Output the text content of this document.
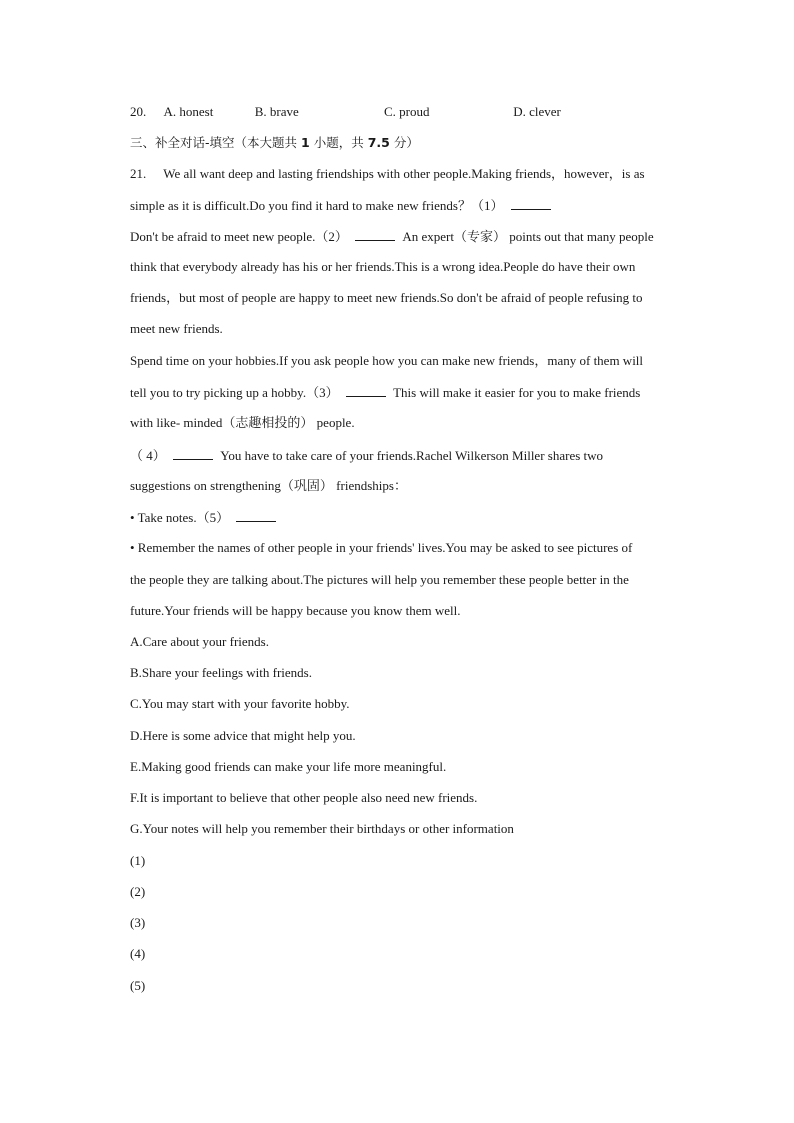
20. A. honest	B. brave	C. proud	D. clever
三、补全对话-填空（本大题共 1 小题，共 7.5 分）
21. We all want deep and lasting friendships with other people.Making friends，however，is as
simple as it is difficult.Do you find it hard to make new friends？（1）
Don't be afraid to meet new people.（2）	An expert（专家） points out that many people
think that everybody already has his or her friends.This is a wrong idea.People do have their own
friends，but most of people are happy to meet new friends.So don't be afraid of people refusing to
meet new friends.
Spend time on your hobbies.If you ask people how you can make new friends，many of them will
tell you to try picking up a hobby.（3）	This will make it easier for you to make friends
with like- minded（志趣相投的） people.
（ 4）	You have to take care of your friends.Rachel Wilkerson Miller shares two
suggestions on strengthening（巩固） friendships：
• Take notes.（5）
• Remember the names of other people in your friends' lives.You may be asked to see pictures of
the people they are talking about.The pictures will help you remember these people better in the
future.Your friends will be happy because you know them well.
A.Care about your friends.
B.Share your feelings with friends.
C.You may start with your favorite hobby.
D.Here is some advice that might help you.
E.Making good friends can make your life more meaningful.
F.It is important to believe that other people also need new friends.
G.Your notes will help you remember their birthdays or other information
(1)
(2)
(3)
(4)
(5)
